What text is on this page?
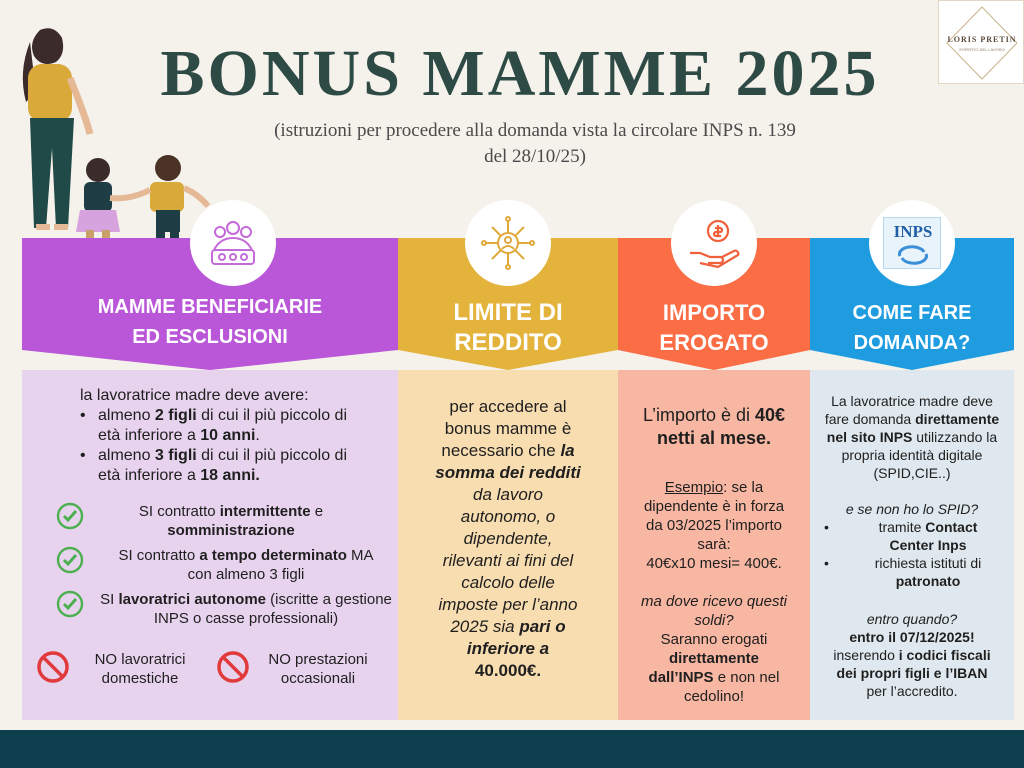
BONUS MAMME 2025
(istruzioni per procedere alla domanda vista la circolare INPS n. 139
del 28/10/25)
LORIS PRETIN
ESPERTO DEL LAVORO
MAMME BENEFICIARIE
ED ESCLUSIONI
la lavoratrice madre deve avere:
• almeno 2 figli di cui il più piccolo di
età inferiore a 10 anni.
• almeno 3 figli di cui il più piccolo di
età inferiore a 18 anni.
SI contratto intermittente e
somministrazione
SI contratto a tempo determinato MA
con almeno 3 figli
SI lavoratrici autonome (iscritte a gestione
INPS o casse professionali)
NO lavoratrici
domestiche
NO prestazioni
occasionali
LIMITE DI
REDDITO
per accedere al
bonus mamme è
necessario che la
somma dei redditi
da lavoro
autonomo, o
dipendente,
rilevanti ai fini del
calcolo delle
imposte per l’anno
2025 sia pari o
inferiore a
40.000€.
IMPORTO
EROGATO
L’importo è di 40€
netti al mese.
Esempio: se la
dipendente è in forza
da 03/2025 l’importo
sarà:
40€x10 mesi= 400€.
ma dove ricevo questi
soldi?
Saranno erogati
direttamente
dall’INPS e non nel
cedolino!
INPS
COME FARE
DOMANDA?
La lavoratrice madre deve
fare domanda direttamente
nel sito INPS utilizzando la
propria identità digitale
(SPID,CIE..)
e se non ho lo SPID?
• tramite Contact
Center Inps
• richiesta istituti di
patronato
entro quando?
entro il 07/12/2025!
inserendo i codici fiscali
dei propri figli e l’IBAN
per l’accredito.
